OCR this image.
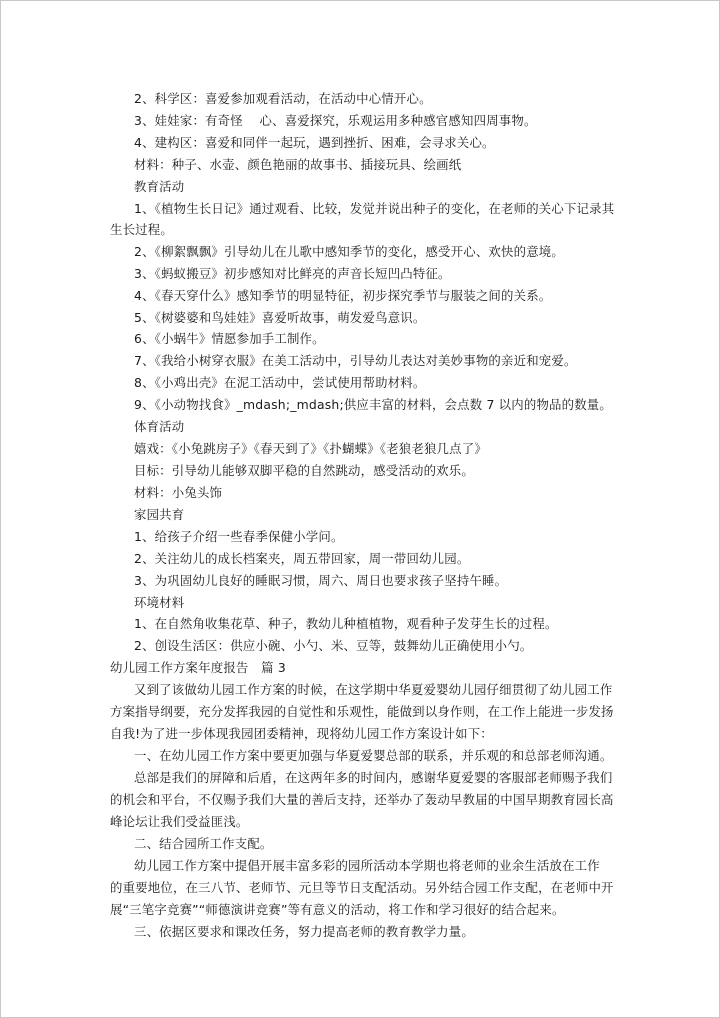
2、科学区：喜爱参加观看活动，在活动中心情开心。
3、娃娃家：有奇怪　 心、喜爱探究，乐观运用多种感官感知四周事物。
4、建构区：喜爱和同伴一起玩，遇到挫折、困难，会寻求关心。
材料：种子、水壶、颜色艳丽的故事书、插接玩具、绘画纸
教育活动
1、《植物生长日记》通过观看、比较，发觉并说出种子的变化，在老师的关心下记录其
生长过程。
2、《柳絮飘飘》引导幼儿在儿歌中感知季节的变化，感受开心、欢快的意境。
3、《蚂蚁搬豆》初步感知对比鲜亮的声音长短凹凸特征。
4、《春天穿什么》感知季节的明显特征，初步探究季节与服装之间的关系。
5、《树婆婆和鸟娃娃》喜爱听故事，萌发爱鸟意识。
6、《小蜗牛》情愿参加手工制作。
7、《我给小树穿衣服》在美工活动中，引导幼儿表达对美妙事物的亲近和宠爱。
8、《小鸡出壳》在泥工活动中，尝试使用帮助材料。
9、《小动物找食》_mdash;_mdash;供应丰富的材料，会点数 7 以内的物品的数量。
体育活动
嬉戏：《小兔跳房子》《春天到了》《扑蝴蝶》《老狼老狼几点了》
目标：引导幼儿能够双脚平稳的自然跳动，感受活动的欢乐。
材料：小兔头饰
家园共育
1、给孩子介绍一些春季保健小学问。
2、关注幼儿的成长档案夹，周五带回家，周一带回幼儿园。
3、为巩固幼儿良好的睡眠习惯，周六、周日也要求孩子坚持午睡。
环境材料
1、在自然角收集花草、种子，教幼儿种植植物，观看种子发芽生长的过程。
2、创设生活区：供应小碗、小勺、米、豆等，鼓舞幼儿正确使用小勺。
幼儿园工作方案年度报告　篇 3
又到了该做幼儿园工作方案的时候，在这学期中华夏爱婴幼儿园仔细贯彻了幼儿园工作
方案指导纲要，充分发挥我园的自觉性和乐观性，能做到以身作则，在工作上能进一步发扬
自我!为了进一步体现我园团委精神，现将幼儿园工作方案设计如下：
一、在幼儿园工作方案中要更加强与华夏爱婴总部的联系，并乐观的和总部老师沟通。
总部是我们的屏障和后盾，在这两年多的时间内，感谢华夏爱婴的客服部老师赐予我们
的机会和平台，不仅赐予我们大量的善后支持，还举办了轰动早教届的中国早期教育园长高
峰论坛让我们受益匪浅。
二、结合园所工作支配。
幼儿园工作方案中提倡开展丰富多彩的园所活动本学期也将老师的业余生活放在工作
的重要地位，在三八节、老师节、元旦等节日支配活动。另外结合园工作支配，在老师中开
展“三笔字竞赛”“师德演讲竞赛”等有意义的活动，将工作和学习很好的结合起来。
三、依据区要求和课改任务，努力提高老师的教育教学力量。
